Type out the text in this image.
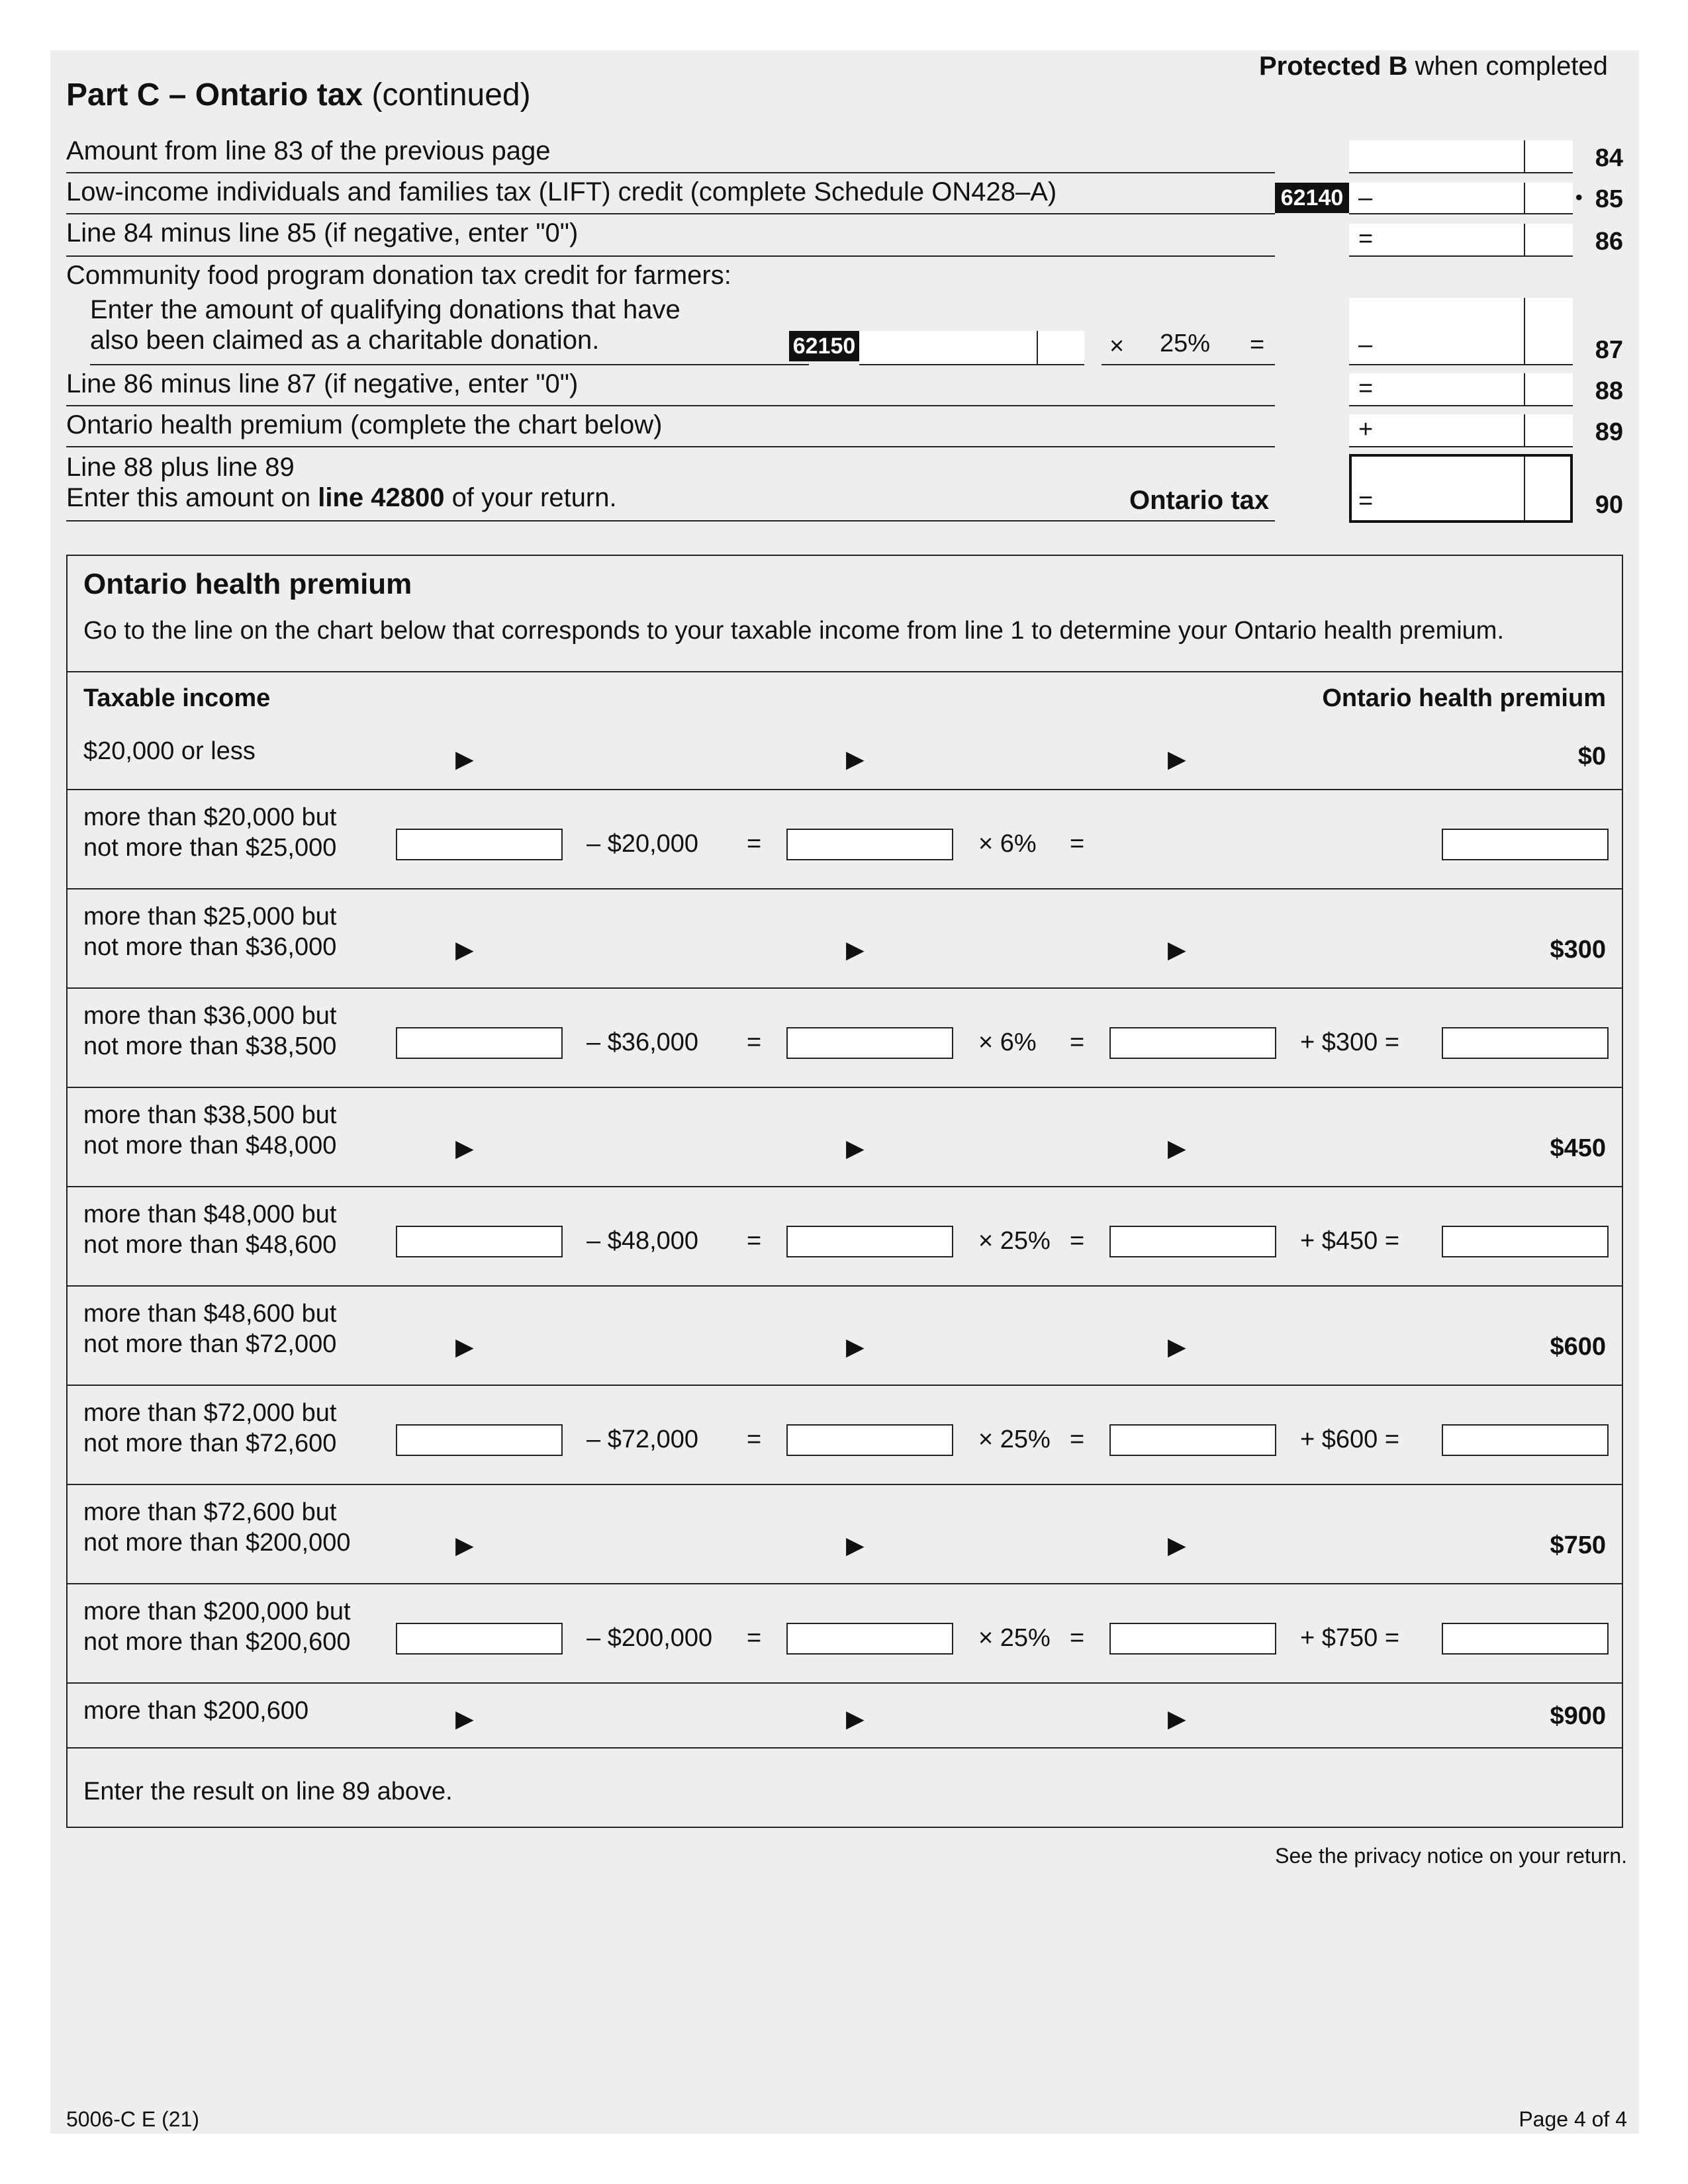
Protected B when completed
Part C – Ontario tax (continued)
Amount from line 83 of the previous page	84
Low-income individuals and families tax (LIFT) credit (complete Schedule ON428–A)	62140 –	• 85
Line 84 minus line 85 (if negative, enter "0")	=	86
Community food program donation tax credit for farmers:
Enter the amount of qualifying donations that have
also been claimed as a charitable donation.	62150	× 25% =	–	87
Line 86 minus line 87 (if negative, enter "0")	=	88
Ontario health premium (complete the chart below)	+	89
Line 88 plus line 89
Enter this amount on line 42800 of your return.	Ontario tax	=	90
Ontario health premium
Go to the line on the chart below that corresponds to your taxable income from line 1 to determine your Ontario health premium.
Taxable income	Ontario health premium
$20,000 or less	▶	▶	▶	$0
more than $20,000 but
not more than $25,000	– $20,000 =	× 6% =
more than $25,000 but
not more than $36,000	▶	▶	▶	$300
more than $36,000 but
not more than $38,500	– $36,000 =	× 6% =	+ $300 =
more than $38,500 but
not more than $48,000	▶	▶	▶	$450
more than $48,000 but
not more than $48,600	– $48,000 =	× 25% =	+ $450 =
more than $48,600 but
not more than $72,000	▶	▶	▶	$600
more than $72,000 but
not more than $72,600	– $72,000 =	× 25% =	+ $600 =
more than $72,600 but
not more than $200,000	▶	▶	▶	$750
more than $200,000 but
not more than $200,600	– $200,000 =	× 25% =	+ $750 =
more than $200,600	▶	▶	▶	$900
Enter the result on line 89 above.
See the privacy notice on your return.
5006-C E (21)	Page 4 of 4
